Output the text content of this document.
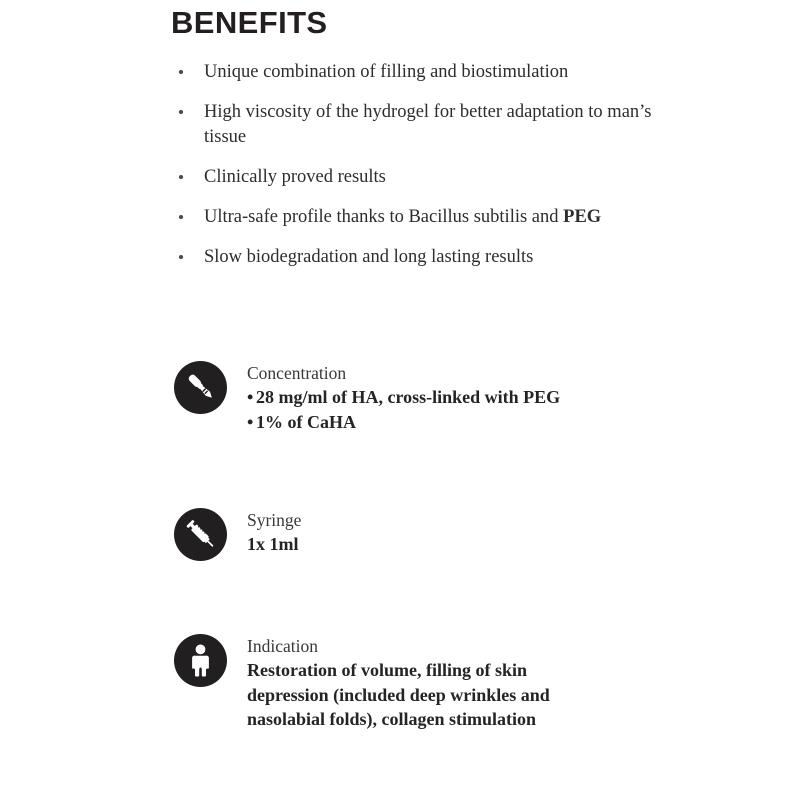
BENEFITS
Unique combination of filling and biostimulation
High viscosity of the hydrogel for better adaptation to man’s tissue
Clinically proved results
Ultra-safe profile thanks to Bacillus subtilis and PEG
Slow biodegradation and long lasting results
Concentration
•28 mg/ml of HA, cross-linked with PEG
•1% of CaHA
Syringe
1x 1ml
Indication
Restoration of volume, filling of skin
depression (included deep wrinkles and
nasolabial folds), collagen stimulation
